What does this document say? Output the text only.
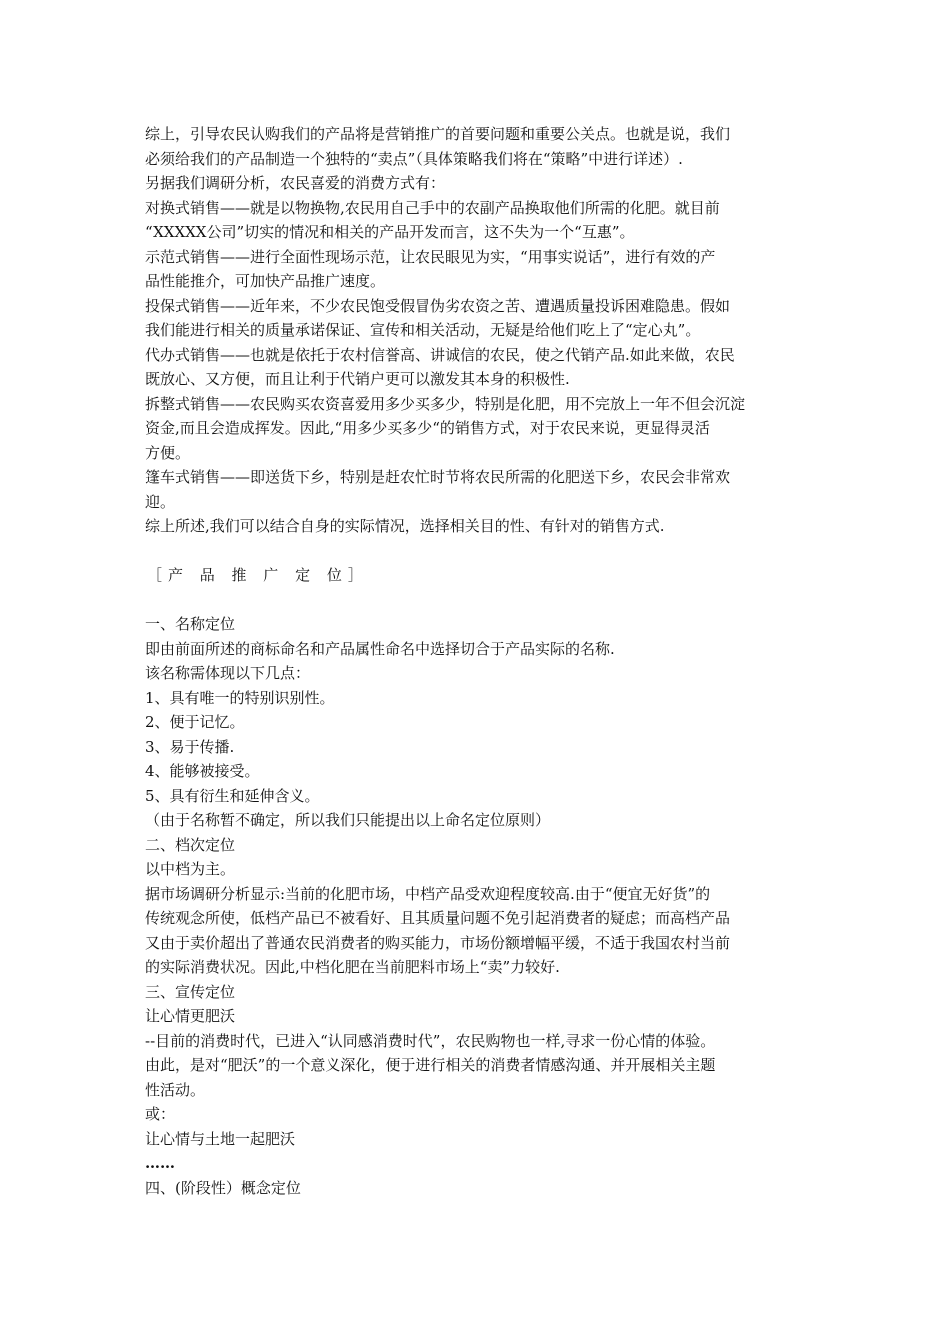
综上，引导农民认购我们的产品将是营销推广的首要问题和重要公关点。也就是说，我们

必须给我们的产品制造一个独特的“卖点”（具体策略我们将在“策略”中进行详述）.

另据我们调研分析，农民喜爱的消费方式有：

对换式销售——就是以物换物,农民用自己手中的农副产品换取他们所需的化肥。就目前

“XXXXX公司”切实的情况和相关的产品开发而言，这不失为一个“互惠”。

示范式销售——进行全面性现场示范，让农民眼见为实，“用事实说话”，进行有效的产

品性能推介，可加快产品推广速度。

投保式销售——近年来，不少农民饱受假冒伪劣农资之苦、遭遇质量投诉困难隐患。假如

我们能进行相关的质量承诺保证、宣传和相关活动，无疑是给他们吃上了“定心丸”。

代办式销售——也就是依托于农村信誉高、讲诚信的农民，使之代销产品.如此来做，农民

既放心、又方便，而且让利于代销户更可以激发其本身的积极性.

拆整式销售——农民购买农资喜爱用多少买多少，特别是化肥，用不完放上一年不但会沉淀

资金,而且会造成挥发。因此,“用多少买多少“的销售方式，对于农民来说，更显得灵活

方便。

篷车式销售——即送货下乡，特别是赶农忙时节将农民所需的化肥送下乡，农民会非常欢

迎。

综上所述,我们可以结合自身的实际情况，选择相关目的性、有针对的销售方式.

［产 品 推 广 定 位］

一、名称定位

即由前面所述的商标命名和产品属性命名中选择切合于产品实际的名称.

该名称需体现以下几点：

1、具有唯一的特别识别性。

2、便于记忆。

3、易于传播.

4、能够被接受。

5、具有衍生和延伸含义。

（由于名称暂不确定，所以我们只能提出以上命名定位原则）

二、档次定位

以中档为主。

据市场调研分析显示:当前的化肥市场，中档产品受欢迎程度较高.由于“便宜无好货”的

传统观念所使，低档产品已不被看好、且其质量问题不免引起消费者的疑虑；而高档产品

又由于卖价超出了普通农民消费者的购买能力，市场份额增幅平缓，不适于我国农村当前

的实际消费状况。因此,中档化肥在当前肥料市场上“卖”力较好.

三、宣传定位

让心情更肥沃

--目前的消费时代，已进入“认同感消费时代”，农民购物也一样,寻求一份心情的体验。

由此，是对“肥沃”的一个意义深化，便于进行相关的消费者情感沟通、并开展相关主题

性活动。

或：

让心情与土地一起肥沃

……

四、(阶段性）概念定位
